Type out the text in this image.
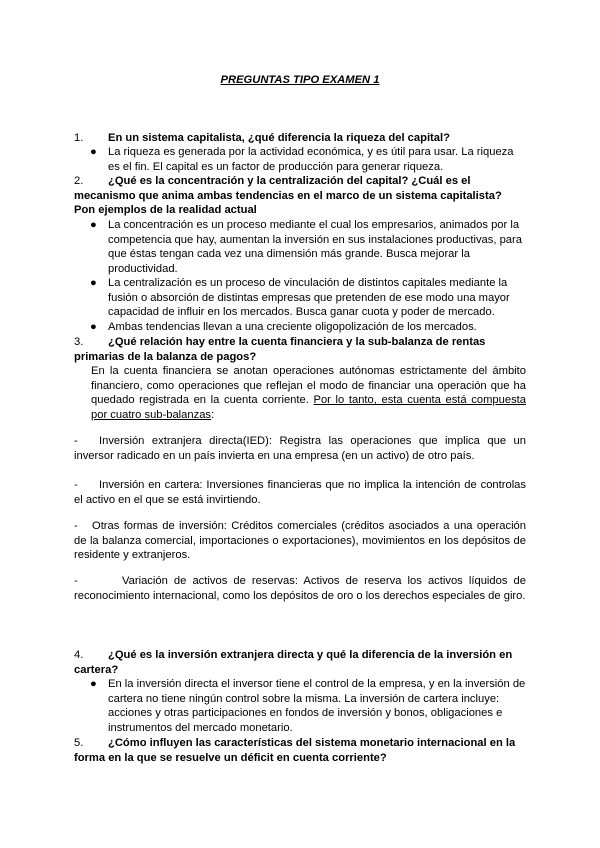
PREGUNTAS TIPO EXAMEN 1
1. En un sistema capitalista, ¿qué diferencia la riqueza del capital?
● La riqueza es generada por la actividad económica, y es útil para usar. La riqueza es el fin. El capital es un factor de producción para generar riqueza.
2. ¿Qué es la concentración y la centralización del capital? ¿Cuál es el mecanismo que anima ambas tendencias en el marco de un sistema capitalista? Pon ejemplos de la realidad actual
● La concentración es un proceso mediante el cual los empresarios, animados por la competencia que hay, aumentan la inversión en sus instalaciones productivas, para que éstas tengan cada vez una dimensión más grande. Busca mejorar la productividad.
● La centralización es un proceso de vinculación de distintos capitales mediante la fusión o absorción de distintas empresas que pretenden de ese modo una mayor capacidad de influir en los mercados. Busca ganar cuota y poder de mercado.
● Ambas tendencias llevan a una creciente oligopolización de los mercados.
3. ¿Qué relación hay entre la cuenta financiera y la sub-balanza de rentas primarias de la balanza de pagos?
En la cuenta financiera se anotan operaciones autónomas estrictamente del ámbito financiero, como operaciones que reflejan el modo de financiar una operación que ha quedado registrada en la cuenta corriente. Por lo tanto, esta cuenta está compuesta por cuatro sub-balanzas:
- Inversión extranjera directa(IED): Registra las operaciones que implica que un inversor radicado en un país invierta en una empresa (en un activo) de otro país.
- Inversión en cartera: Inversiones financieras que no implica la intención de controlas el activo en el que se está invirtiendo.
- Otras formas de inversión: Créditos comerciales (créditos asociados a una operación de la balanza comercial, importaciones o exportaciones), movimientos en los depósitos de residente y extranjeros.
-	Variación de activos de reservas: Activos de reserva los activos líquidos de reconocimiento internacional, como los depósitos de oro o los derechos especiales de giro.
4. ¿Qué es la inversión extranjera directa y qué la diferencia de la inversión en cartera?
● En la inversión directa el inversor tiene el control de la empresa, y en la inversión de cartera no tiene ningún control sobre la misma. La inversión de cartera incluye: acciones y otras participaciones en fondos de inversión y bonos, obligaciones e instrumentos del mercado monetario.
5. ¿Cómo influyen las características del sistema monetario internacional en la forma en la que se resuelve un déficit en cuenta corriente?
